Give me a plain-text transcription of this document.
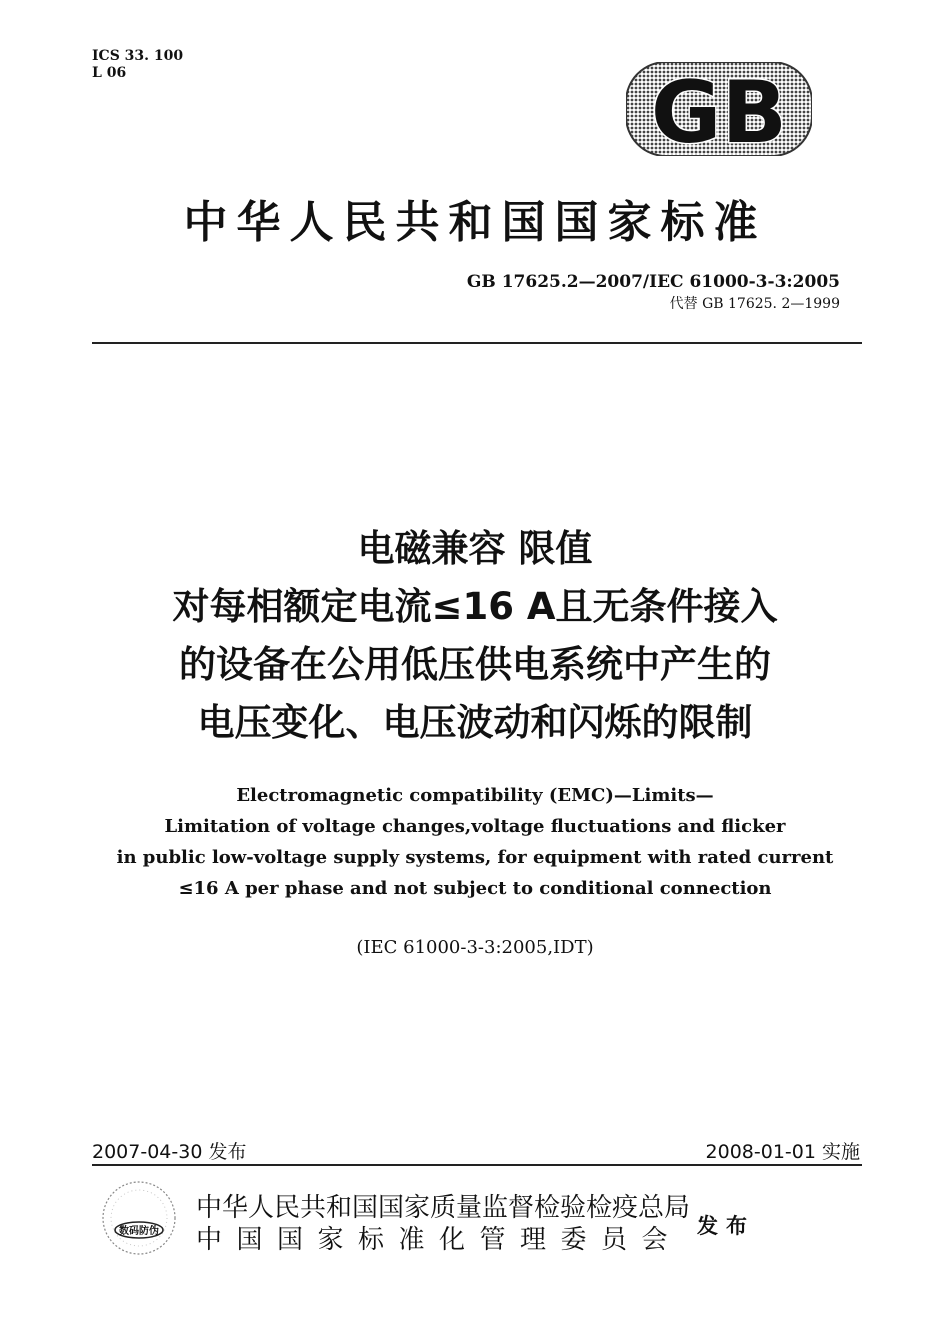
ICS 33. 100
L 06	GB
中华人民共和国国家标准
GB 17625.2—2007/IEC 61000-3-3:2005
代替 GB 17625. 2—1999
电磁兼容 限值
对每相额定电流≤16 A且无条件接入
的设备在公用低压供电系统中产生的
电压变化、电压波动和闪烁的限制
Electromagnetic compatibility (EMC)—Limits—
Limitation of voltage changes,voltage fluctuations and flicker
in public low-voltage supply systems, for equipment with rated current
≤16 A per phase and not subject to conditional connection
(IEC 61000-3-3:2005,IDT)
2007-04-30 发布	2008-01-01 实施
数码防伪
中华人民共和国国家质量监督检验检疫总局
中国国家标准化管理委员会 发布
